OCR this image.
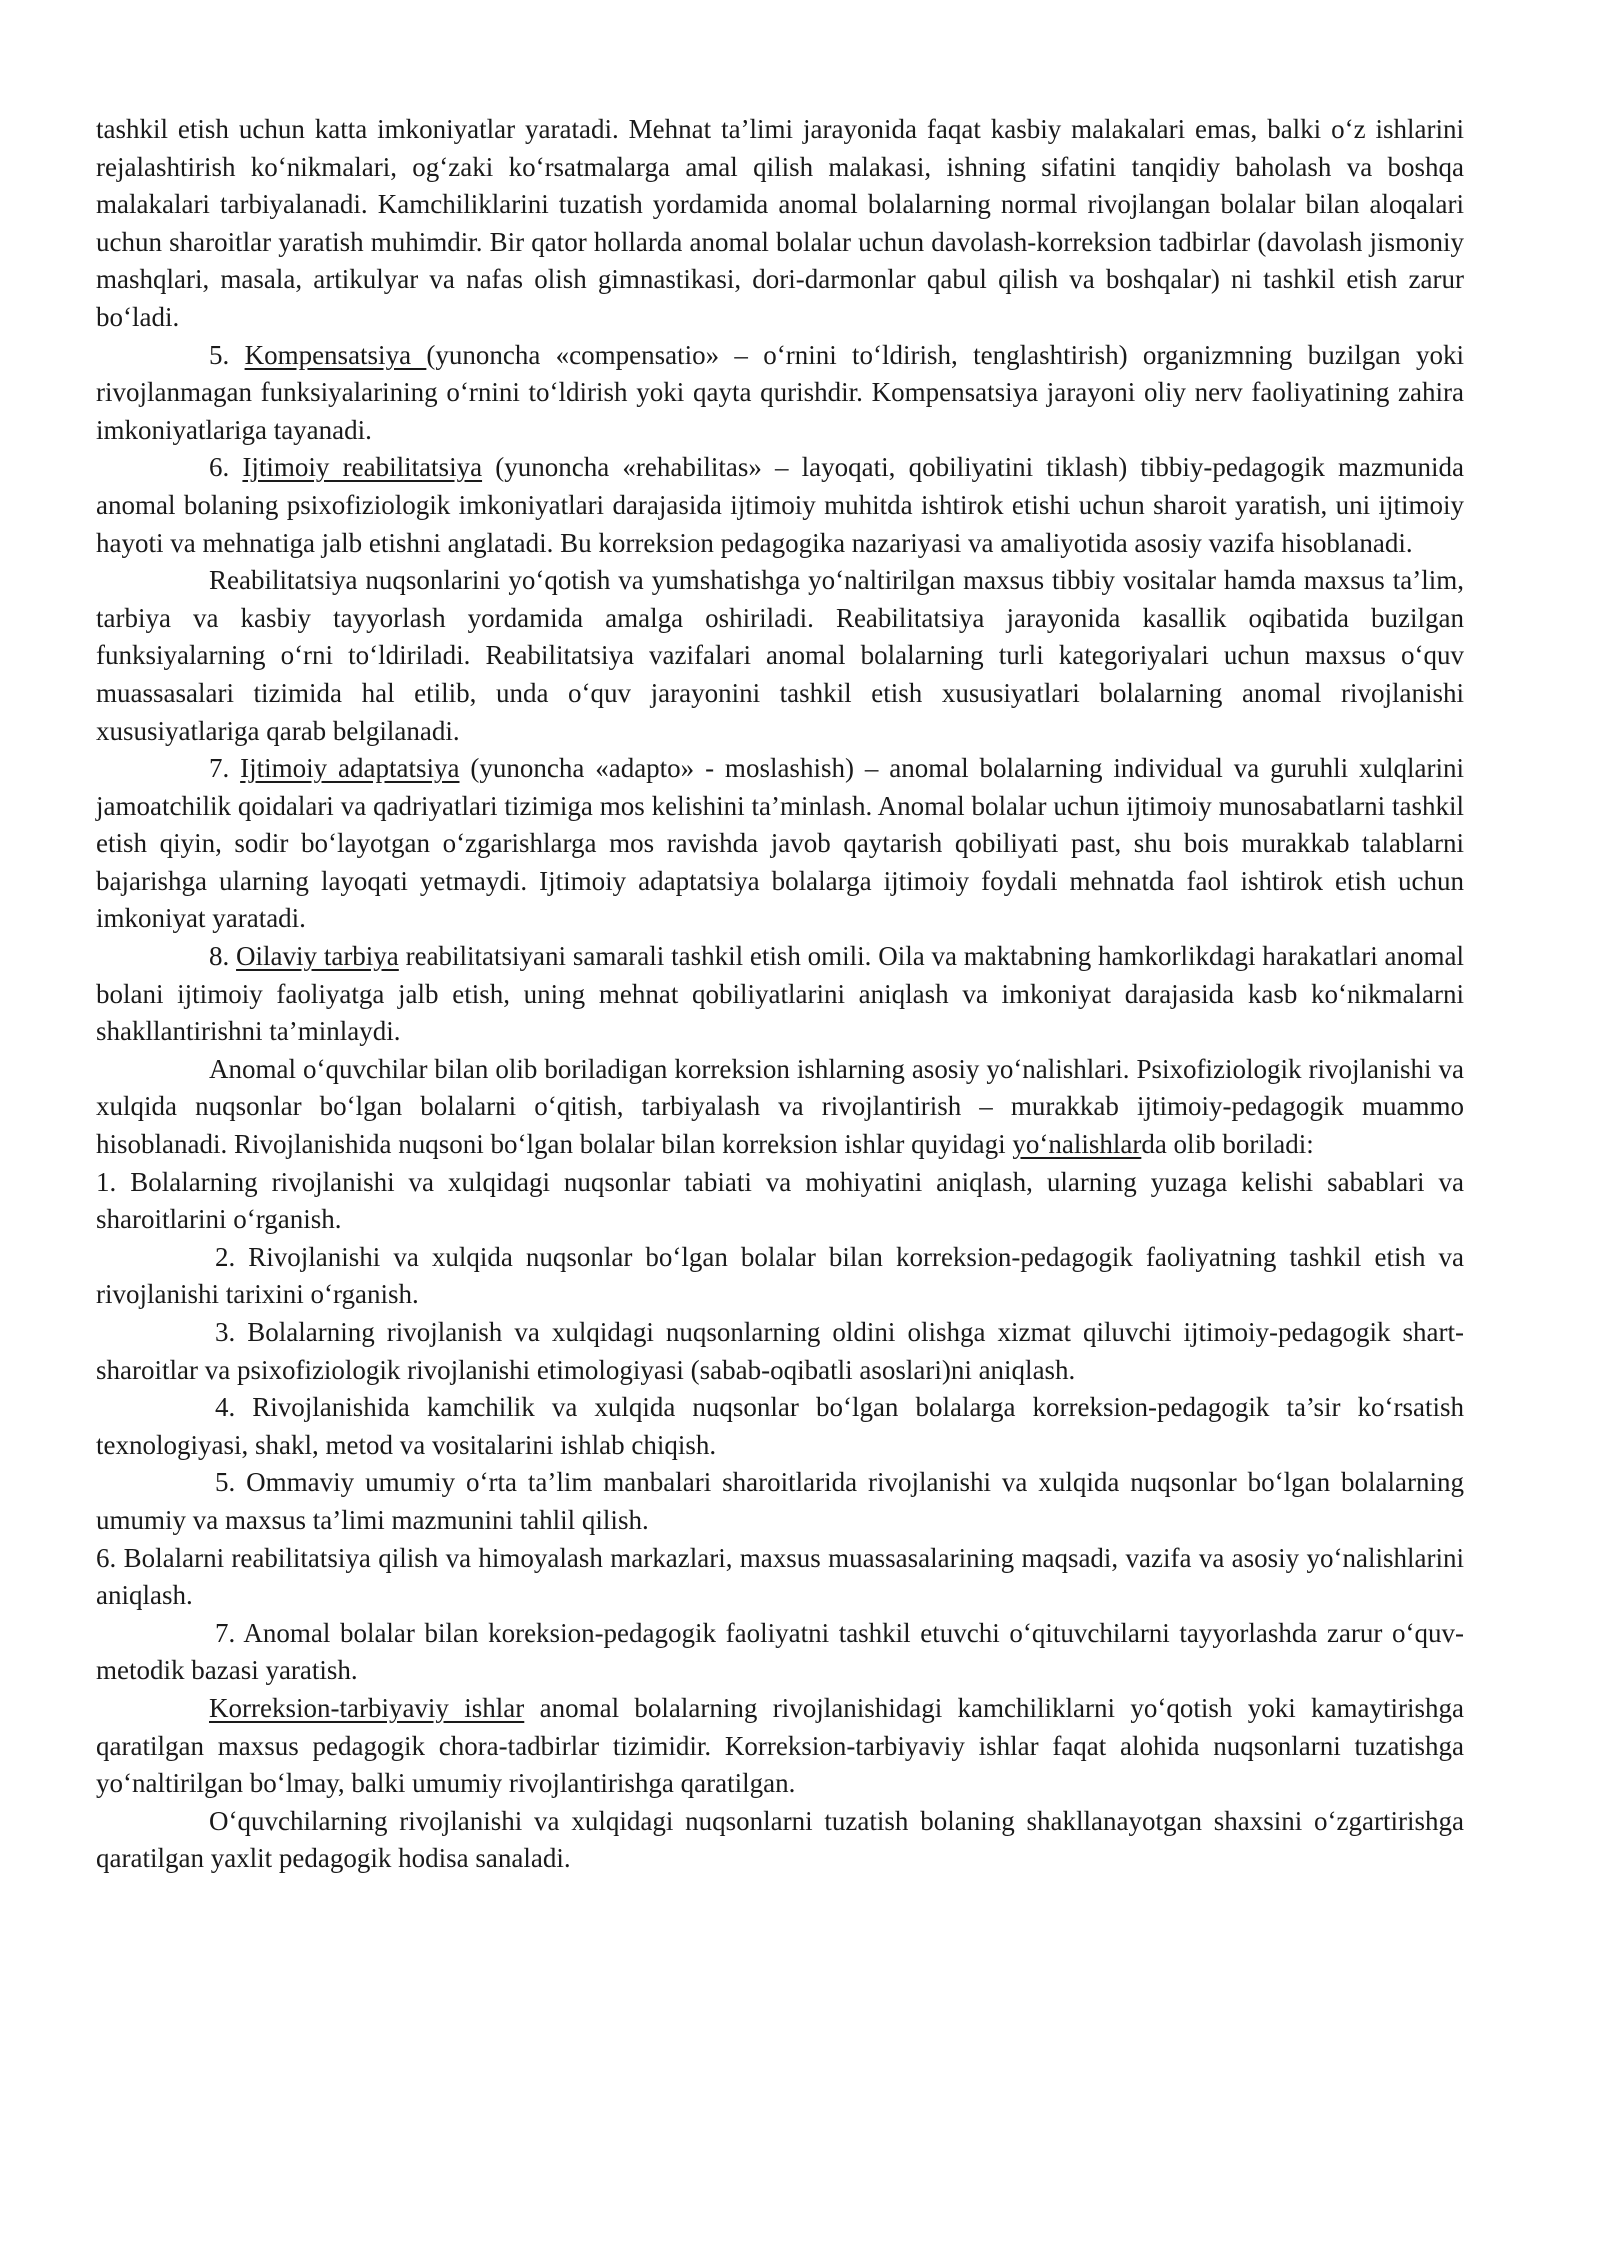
tashkil etish uchun katta imkoniyatlar yaratadi. Mehnat ta’limi jarayonida faqat kasbiy malakalari emas, balki o‘z ishlarini rejalashtirish ko‘nikmalari, og‘zaki ko‘rsatmalarga amal qilish malakasi, ishning sifatini tanqidiy baholash va boshqa malakalari tarbiyalanadi. Kamchiliklarini tuzatish yordamida anomal bolalarning normal rivojlangan bolalar bilan aloqalari uchun sharoitlar yaratish muhimdir. Bir qator hollarda anomal bolalar uchun davolash-korreksion tadbirlar (davolash jismoniy mashqlari, masala, artikulyar va nafas olish gimnastikasi, dori-darmonlar qabul qilish va boshqalar) ni tashkil etish zarur bo‘ladi.

5. Kompensatsiya (yunoncha «compensatio» – o‘rnini to‘ldirish, tenglashtirish) organizmning buzilgan yoki rivojlanmagan funksiyalarining o‘rnini to‘ldirish yoki qayta qurishdir. Kompensatsiya jarayoni oliy nerv faoliyatining zahira imkoniyatlariga tayanadi.

6. Ijtimoiy reabilitatsiya (yunoncha «rehabilitas» – layoqati, qobiliyatini tiklash) tibbiy-pedagogik mazmunida anomal bolaning psixofiziologik imkoniyatlari darajasida ijtimoiy muhitda ishtirok etishi uchun sharoit yaratish, uni ijtimoiy hayoti va mehnatiga jalb etishni anglatadi. Bu korreksion pedagogika nazariyasi va amaliyotida asosiy vazifa hisoblanadi.

Reabilitatsiya nuqsonlarini yo‘qotish va yumshatishga yo‘naltirilgan maxsus tibbiy vositalar hamda maxsus ta’lim, tarbiya va kasbiy tayyorlash yordamida amalga oshiriladi. Reabilitatsiya jarayonida kasallik oqibatida buzilgan funksiyalarning o‘rni to‘ldiriladi. Reabilitatsiya vazifalari anomal bolalarning turli kategoriyalari uchun maxsus o‘quv muassasalari tizimida hal etilib, unda o‘quv jarayonini tashkil etish xususiyatlari bolalarning anomal rivojlanishi xususiyatlariga qarab belgilanadi.

7. Ijtimoiy adaptatsiya (yunoncha «adapto» - moslashish) – anomal bolalarning individual va guruhli xulqlarini jamoatchilik qoidalari va qadriyatlari tizimiga mos kelishini ta’minlash. Anomal bolalar uchun ijtimoiy munosabatlarni tashkil etish qiyin, sodir bo‘layotgan o‘zgarishlarga mos ravishda javob qaytarish qobiliyati past, shu bois murakkab talablarni bajarishga ularning layoqati yetmaydi. Ijtimoiy adaptatsiya bolalarga ijtimoiy foydali mehnatda faol ishtirok etish uchun imkoniyat yaratadi.

8. Oilaviy tarbiya reabilitatsiyani samarali tashkil etish omili. Oila va maktabning hamkorlikdagi harakatlari anomal bolani ijtimoiy faoliyatga jalb etish, uning mehnat qobiliyatlarini aniqlash va imkoniyat darajasida kasb ko‘nikmalarni shakllantirishni ta’minlaydi.

Anomal o‘quvchilar bilan olib boriladigan korreksion ishlarning asosiy yo‘nalishlari. Psixofiziologik rivojlanishi va xulqida nuqsonlar bo‘lgan bolalarni o‘qitish, tarbiyalash va rivojlantirish – murakkab ijtimoiy-pedagogik muammo hisoblanadi. Rivojlanishida nuqsoni bo‘lgan bolalar bilan korreksion ishlar quyidagi yo‘nalishlarda olib boriladi:

1. Bolalarning rivojlanishi va xulqidagi nuqsonlar tabiati va mohiyatini aniqlash, ularning yuzaga kelishi sabablari va sharoitlarini o‘rganish.

2. Rivojlanishi va xulqida nuqsonlar bo‘lgan bolalar bilan korreksion-pedagogik faoliyatning tashkil etish va rivojlanishi tarixini o‘rganish.

3. Bolalarning rivojlanish va xulqidagi nuqsonlarning oldini olishga xizmat qiluvchi ijtimoiy-pedagogik shart-sharoitlar va psixofiziologik rivojlanishi etimologiyasi (sabab-oqibatli asoslari)ni aniqlash.

4. Rivojlanishida kamchilik va xulqida nuqsonlar bo‘lgan bolalarga korreksion-pedagogik ta’sir ko‘rsatish texnologiyasi, shakl, metod va vositalarini ishlab chiqish.

5. Ommaviy umumiy o‘rta ta’lim manbalari sharoitlarida rivojlanishi va xulqida nuqsonlar bo‘lgan bolalarning umumiy va maxsus ta’limi mazmunini tahlil qilish.

6. Bolalarni reabilitatsiya qilish va himoyalash markazlari, maxsus muassasalarining maqsadi, vazifa va asosiy yo‘nalishlarini aniqlash.

7. Anomal bolalar bilan koreksion-pedagogik faoliyatni tashkil etuvchi o‘qituvchilarni tayyorlashda zarur o‘quv-metodik bazasi yaratish.

Korreksion-tarbiyaviy ishlar anomal bolalarning rivojlanishidagi kamchiliklarni yo‘qotish yoki kamaytirishga qaratilgan maxsus pedagogik chora-tadbirlar tizimidir. Korreksion-tarbiyaviy ishlar faqat alohida nuqsonlarni tuzatishga yo‘naltirilgan bo‘lmay, balki umumiy rivojlantirishga qaratilgan.

O‘quvchilarning rivojlanishi va xulqidagi nuqsonlarni tuzatish bolaning shakllanayotgan shaxsini o‘zgartirishga qaratilgan yaxlit pedagogik hodisa sanaladi.
